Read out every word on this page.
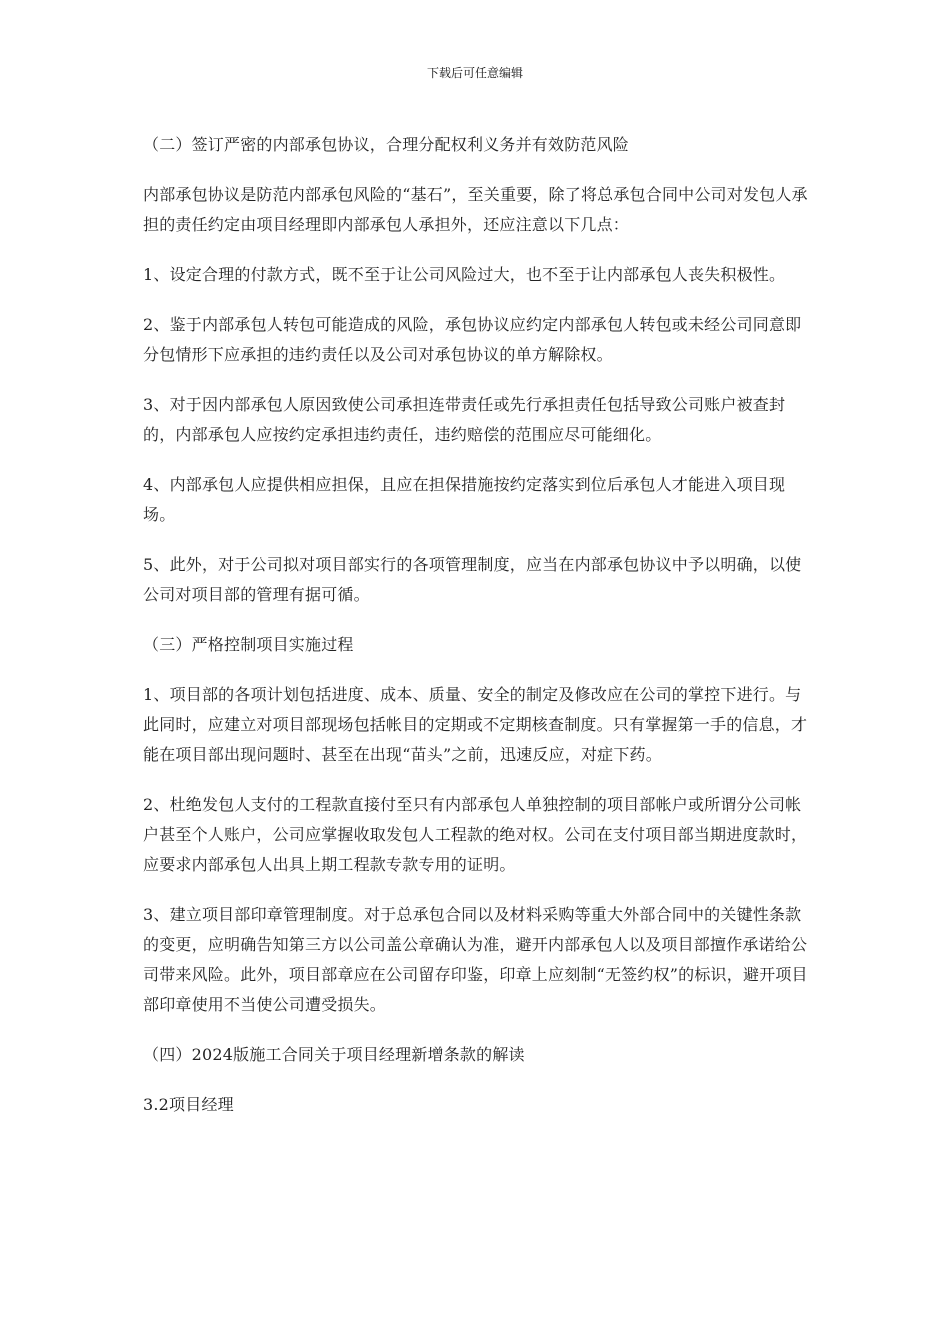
下载后可任意编辑

（二）签订严密的内部承包协议，合理分配权利义务并有效防范风险

内部承包协议是防范内部承包风险的“基石”，至关重要，除了将总承包合同中公司对发包人承担的责任约定由项目经理即内部承包人承担外，还应注意以下几点：

1、设定合理的付款方式，既不至于让公司风险过大，也不至于让内部承包人丧失积极性。

2、鉴于内部承包人转包可能造成的风险，承包协议应约定内部承包人转包或未经公司同意即分包情形下应承担的违约责任以及公司对承包协议的单方解除权。

3、对于因内部承包人原因致使公司承担连带责任或先行承担责任包括导致公司账户被查封的，内部承包人应按约定承担违约责任，违约赔偿的范围应尽可能细化。

4、内部承包人应提供相应担保，且应在担保措施按约定落实到位后承包人才能进入项目现场。

5、此外，对于公司拟对项目部实行的各项管理制度，应当在内部承包协议中予以明确，以使公司对项目部的管理有据可循。

（三）严格控制项目实施过程

1、项目部的各项计划包括进度、成本、质量、安全的制定及修改应在公司的掌控下进行。与此同时，应建立对项目部现场包括帐目的定期或不定期核查制度。只有掌握第一手的信息，才能在项目部出现问题时、甚至在出现“苗头”之前，迅速反应，对症下药。

2、杜绝发包人支付的工程款直接付至只有内部承包人单独控制的项目部帐户或所谓分公司帐户甚至个人账户，公司应掌握收取发包人工程款的绝对权。公司在支付项目部当期进度款时，应要求内部承包人出具上期工程款专款专用的证明。

3、建立项目部印章管理制度。对于总承包合同以及材料采购等重大外部合同中的关键性条款的变更，应明确告知第三方以公司盖公章确认为准，避开内部承包人以及项目部擅作承诺给公司带来风险。此外，项目部章应在公司留存印鉴，印章上应刻制“无签约权”的标识，避开项目部印章使用不当使公司遭受损失。

（四）2024版施工合同关于项目经理新增条款的解读

3.2项目经理
